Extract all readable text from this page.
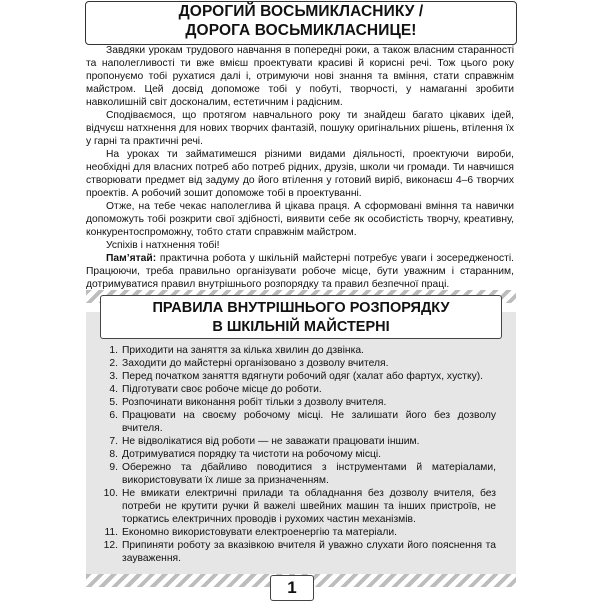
ДОРОГИЙ ВОСЬМИКЛАСНИКУ /
ДОРОГА ВОСЬМИКЛАСНИЦЕ!

Завдяки урокам трудового навчання в попередні роки, а також власним старанності та наполегливості ти вже вмієш проектувати красиві й корисні речі. Тож цього року пропонуємо тобі рухатися далі і, отримуючи нові знання та вміння, стати справжнім майстром. Цей досвід допоможе тобі у побуті, творчості, у намаганні зробити навколишній світ досконалим, естетичним і радісним.

Сподіваємося, що протягом навчального року ти знайдеш багато цікавих ідей, відчуєш натхнення для нових творчих фантазій, пошуку оригінальних рішень, втілення їх у гарні та практичні речі.

На уроках ти займатимешся різними видами діяльності, проектуючи вироби, необхідні для власних потреб або потреб рідних, друзів, школи чи громади. Ти навчишся створювати предмет від задуму до його втілення у готовий виріб, виконаєш 4–6 творчих проектів. А робочий зошит допоможе тобі в проектуванні.

Отже, на тебе чекає наполеглива й цікава праця. А сформовані вміння та навички допоможуть тобі розкрити свої здібності, виявити себе як особистість творчу, креативну, конкурентоспроможну, тобто стати справжнім майстром.

Успіхів і натхнення тобі!

Пам’ятай: практична робота у шкільній майстерні потребує уваги і зосередженості. Працюючи, треба правильно організувати робоче місце, бути уважним і старанним, дотримуватися правил внутрішнього розпорядку та правил безпечної праці.

ПРАВИЛА ВНУТРІШНЬОГО РОЗПОРЯДКУ
В ШКІЛЬНІЙ МАЙСТЕРНІ
1. Приходити на заняття за кілька хвилин до дзвінка.
2. Заходити до майстерні організовано з дозволу вчителя.
3. Перед початком заняття вдягнути робочий одяг (халат або фартух, хустку).
4. Підготувати своє робоче місце до роботи.
5. Розпочинати виконання робіт тільки з дозволу вчителя.
6. Працювати на своєму робочому місці. Не залишати його без дозволу вчителя.
7. Не відволікатися від роботи — не заважати працювати іншим.
8. Дотримуватися порядку та чистоти на робочому місці.
9. Обережно та дбайливо поводитися з інструментами й матеріалами, використовувати їх лише за призначенням.
10. Не вмикати електричні прилади та обладнання без дозволу вчителя, без потреби не крутити ручки й важелі швейних машин та інших пристроїв, не торкатись електричних проводів і рухомих частин механізмів.
11. Економно використовувати електроенергію та матеріали.
12. Припиняти роботу за вказівкою вчителя й уважно слухати його пояснення та зауваження.
1
